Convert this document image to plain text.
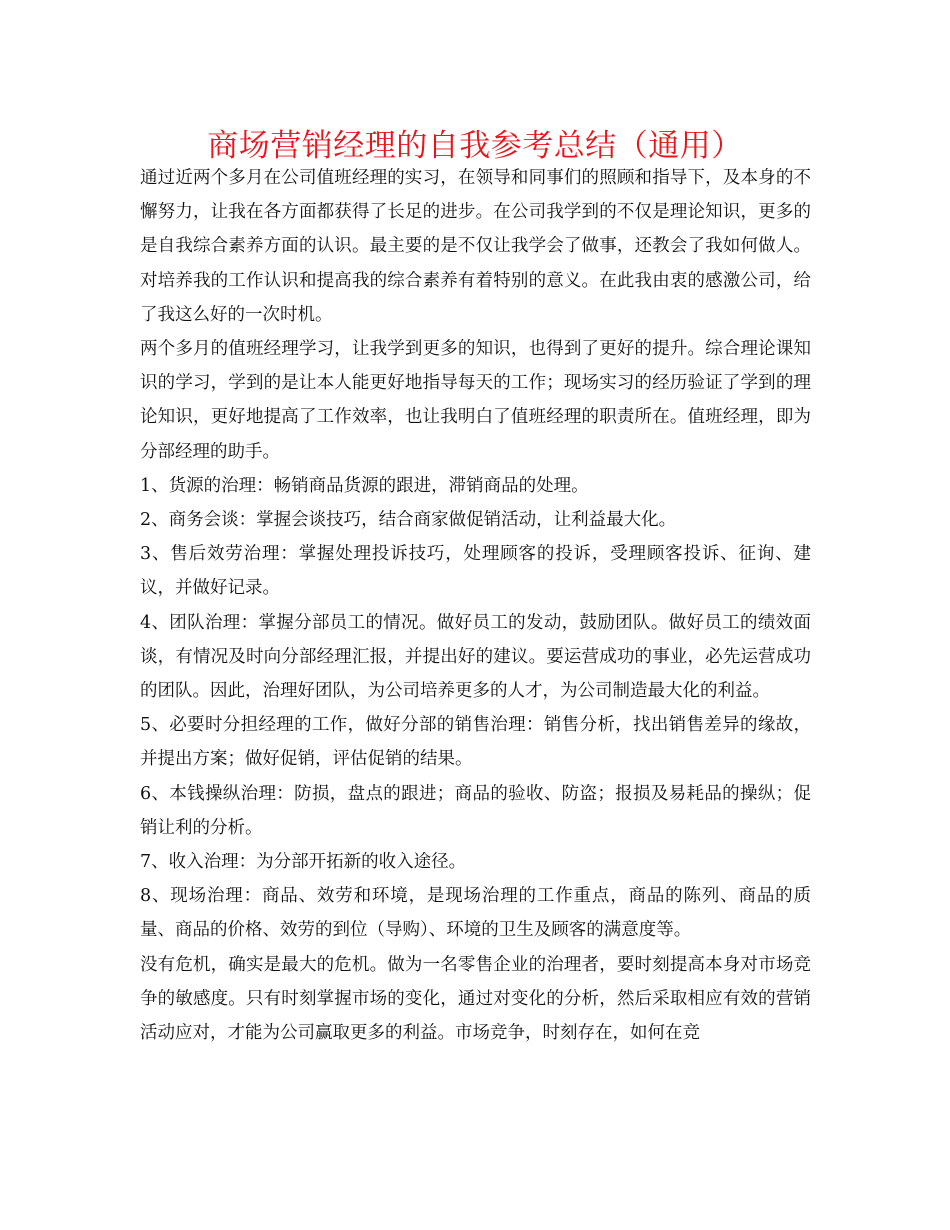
商场营销经理的自我参考总结（通用）

通过近两个多月在公司值班经理的实习，在领导和同事们的照顾和指导下，及本身的不懈努力，让我在各方面都获得了长足的进步。在公司我学到的不仅是理论知识，更多的是自我综合素养方面的认识。最主要的是不仅让我学会了做事，还教会了我如何做人。对培养我的工作认识和提高我的综合素养有着特别的意义。在此我由衷的感激公司，给了我这么好的一次时机。

两个多月的值班经理学习，让我学到更多的知识，也得到了更好的提升。综合理论课知识的学习，学到的是让本人能更好地指导每天的工作；现场实习的经历验证了学到的理论知识，更好地提高了工作效率，也让我明白了值班经理的职责所在。值班经理，即为分部经理的助手。

1、货源的治理：畅销商品货源的跟进，滞销商品的处理。

2、商务会谈：掌握会谈技巧，结合商家做促销活动，让利益最大化。

3、售后效劳治理：掌握处理投诉技巧，处理顾客的投诉，受理顾客投诉、征询、建议，并做好记录。

4、团队治理：掌握分部员工的情况。做好员工的发动，鼓励团队。做好员工的绩效面谈，有情况及时向分部经理汇报，并提出好的建议。要运营成功的事业，必先运营成功的团队。因此，治理好团队，为公司培养更多的人才，为公司制造最大化的利益。

5、必要时分担经理的工作，做好分部的销售治理：销售分析，找出销售差异的缘故，并提出方案；做好促销，评估促销的结果。

6、本钱操纵治理：防损，盘点的跟进；商品的验收、防盗；报损及易耗品的操纵；促销让利的分析。

7、收入治理：为分部开拓新的收入途径。

8、现场治理：商品、效劳和环境，是现场治理的工作重点，商品的陈列、商品的质量、商品的价格、效劳的到位（导购）、环境的卫生及顾客的满意度等。

没有危机，确实是最大的危机。做为一名零售企业的治理者，要时刻提高本身对市场竞争的敏感度。只有时刻掌握市场的变化，通过对变化的分析，然后采取相应有效的营销活动应对，才能为公司赢取更多的利益。市场竞争，时刻存在，如何在竞
